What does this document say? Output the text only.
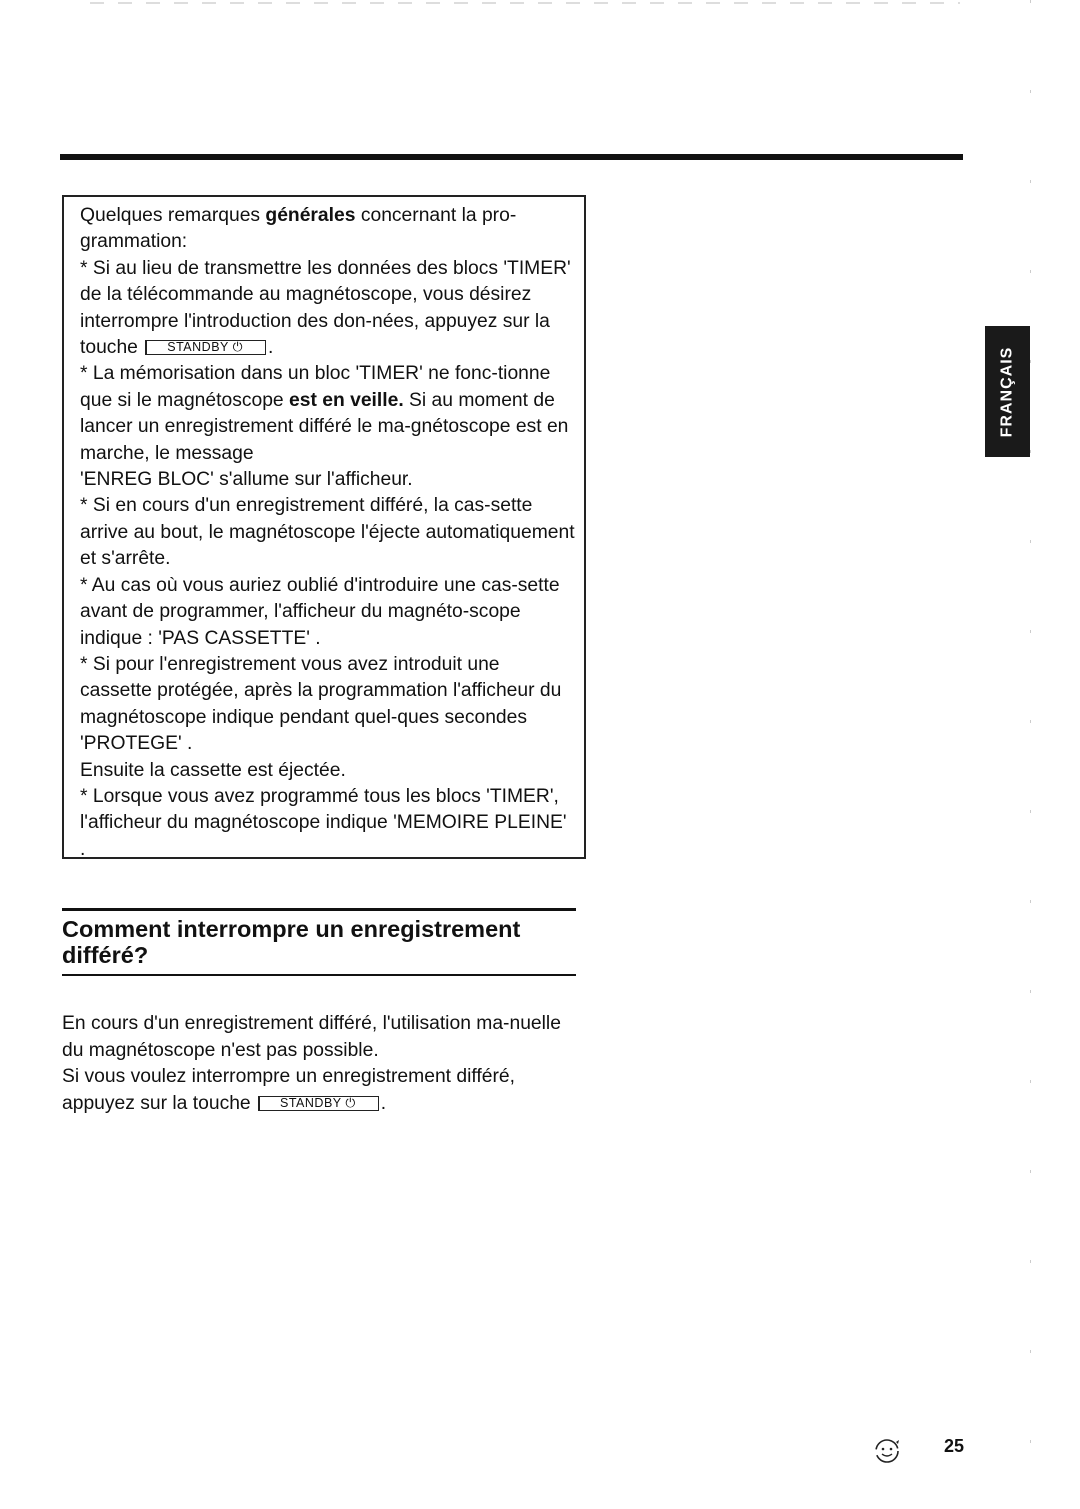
Quelques remarques générales concernant la pro-
grammation:

* Si au lieu de transmettre les données des blocs 'TIMER' de la télécommande au magnétoscope, vous désirez interrompre l'introduction des don-nées, appuyez sur la touche STANDBY ⏻ .

* La mémorisation dans un bloc 'TIMER' ne fonc-tionne que si le magnétoscope est en veille. Si au moment de lancer un enregistrement différé le ma-gnétoscope est en marche, le message
'ENREG BLOC' s'allume sur l'afficheur.

* Si en cours d'un enregistrement différé, la cas-sette arrive au bout, le magnétoscope l'éjecte automatiquement et s'arrête.

* Au cas où vous auriez oublié d'introduire une cas-sette avant de programmer, l'afficheur du magnéto-scope indique : 'PAS CASSETTE' .

* Si pour l'enregistrement vous avez introduit une cassette protégée, après la programmation l'afficheur du magnétoscope indique pendant quel-ques secondes 'PROTEGE' .

Ensuite la cassette est éjectée.

* Lorsque vous avez programmé tous les blocs 'TIMER', l'afficheur du magnétoscope indique 'MEMOIRE PLEINE' .

Comment interrompre un enregistrement différé?

En cours d'un enregistrement différé, l'utilisation ma-nuelle du magnétoscope n'est pas possible.

Si vous voulez interrompre un enregistrement différé, appuyez sur la touche STANDBY ⏻ .

FRANÇAIS
25
